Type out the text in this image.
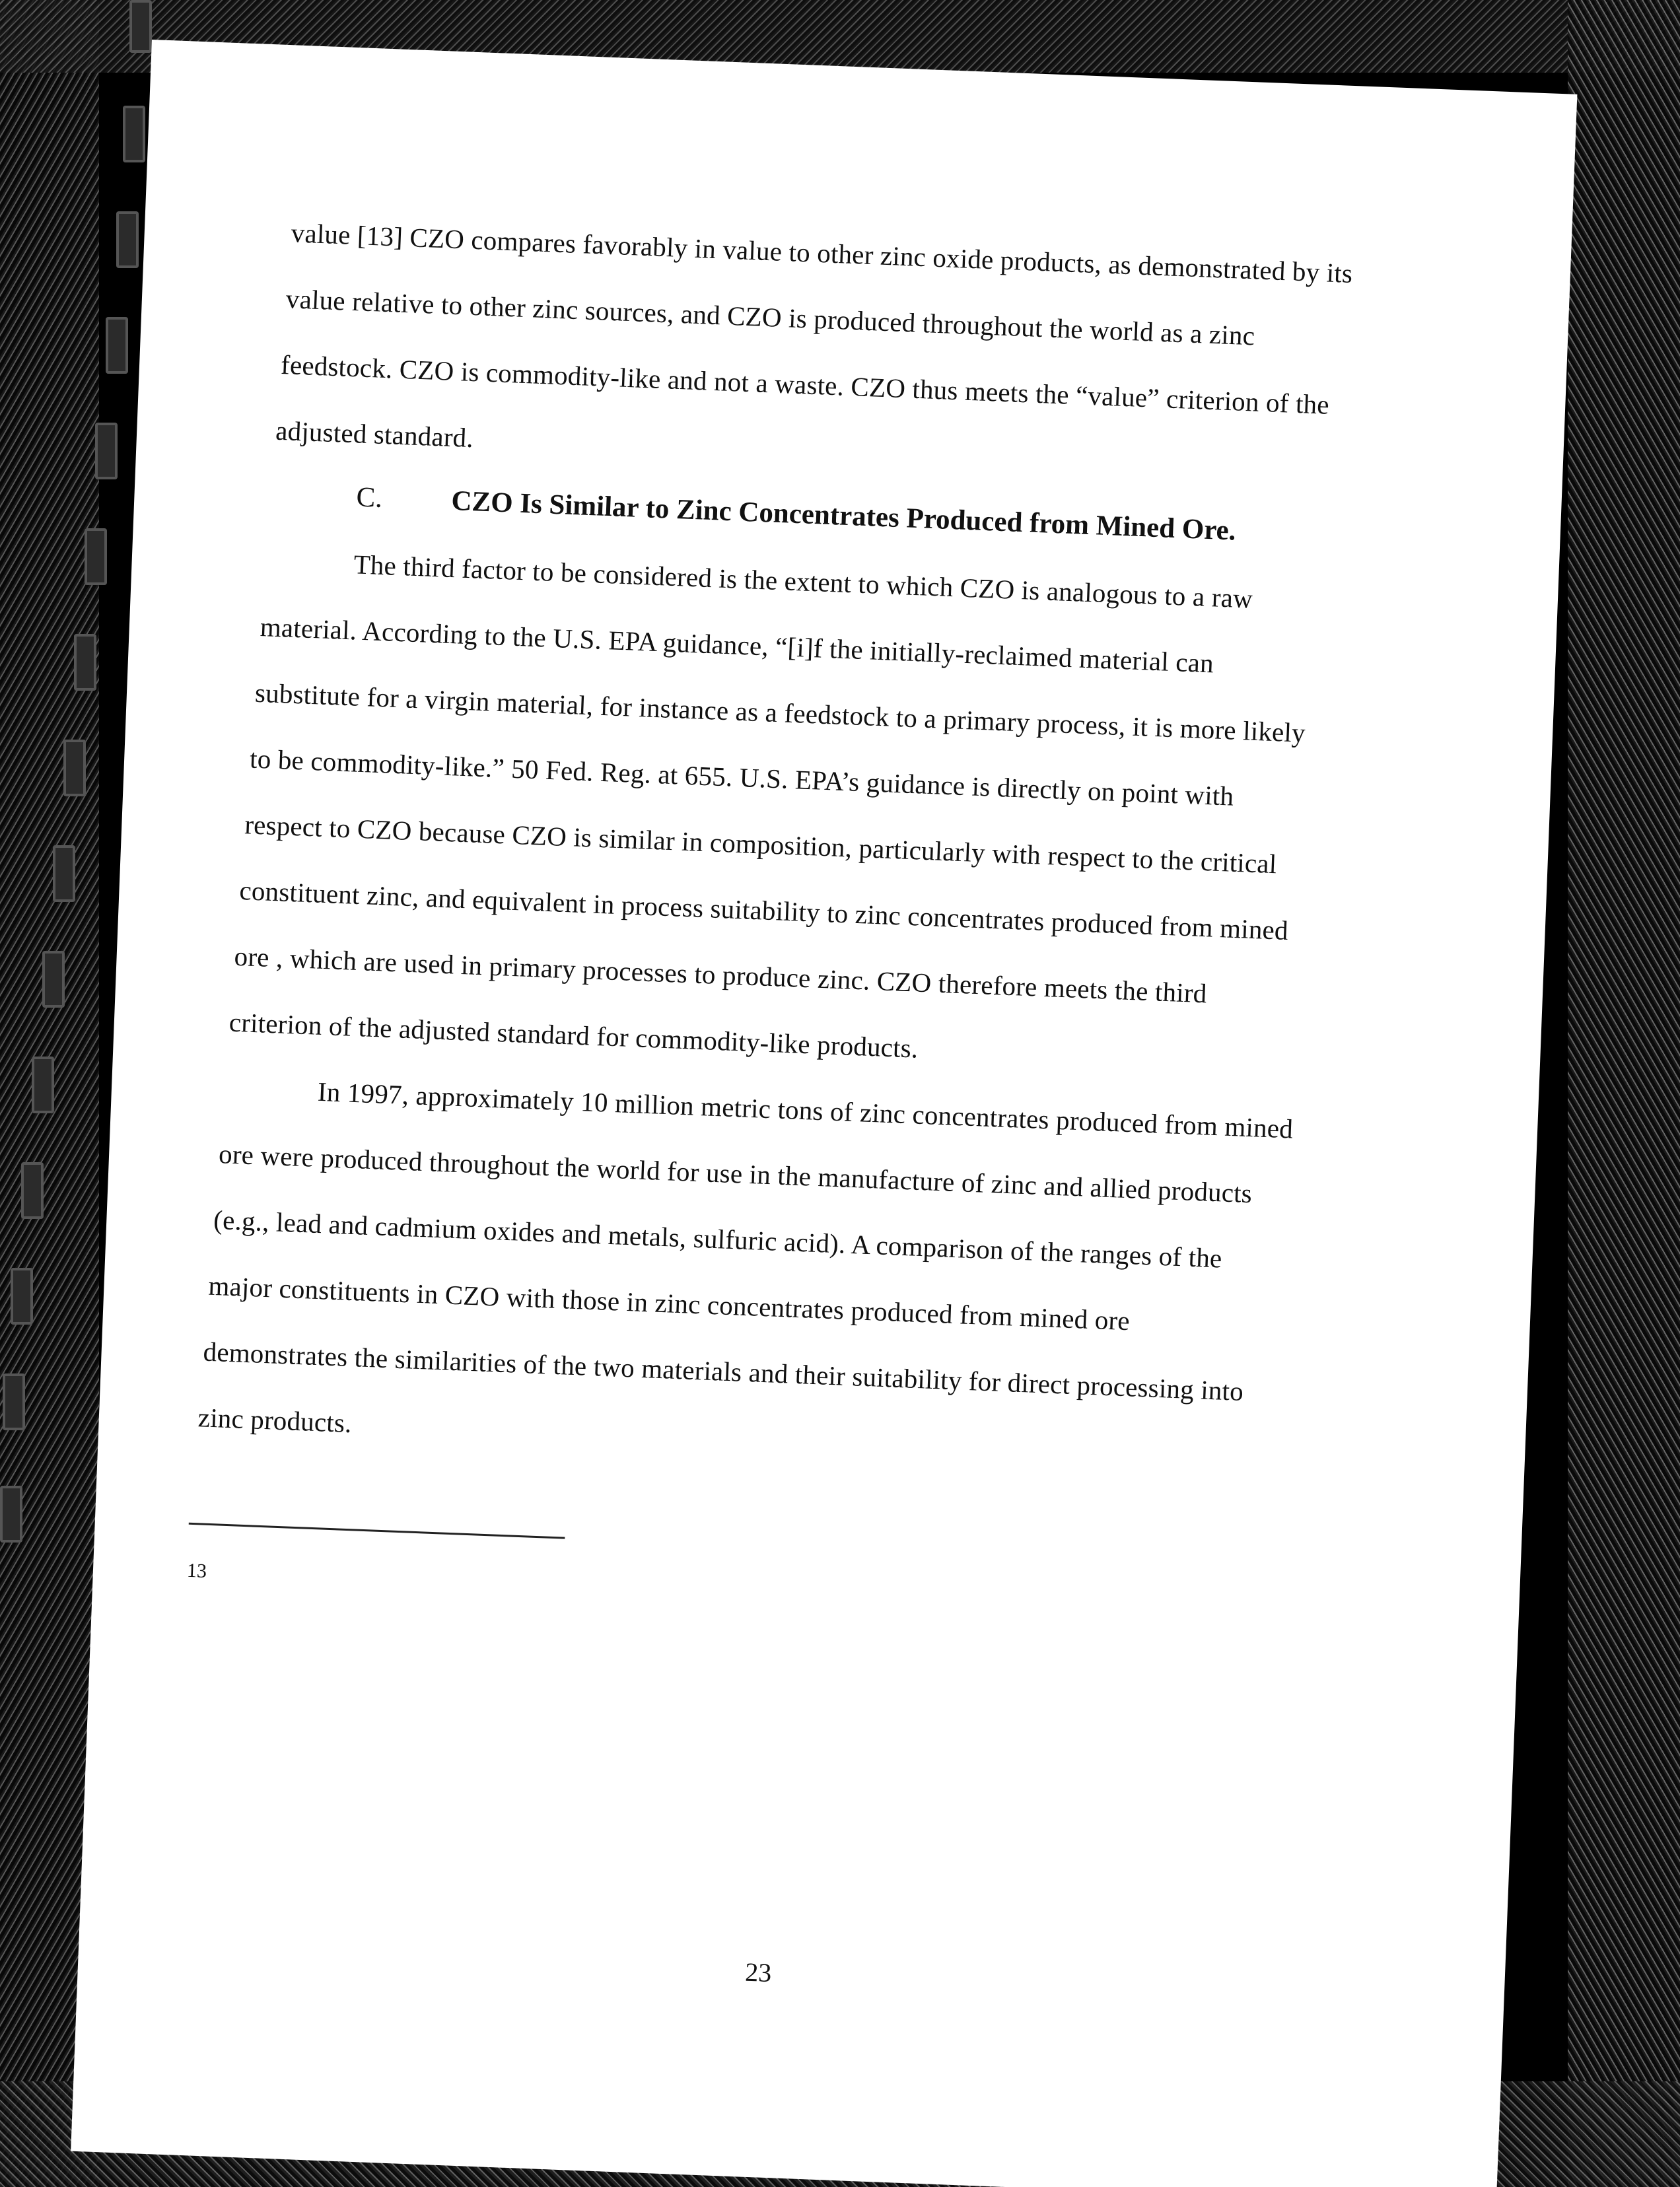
value [13] CZO compares favorably in value to other zinc oxide products, as demonstrated by its
value relative to other zinc sources, and CZO is produced throughout the world as a zinc
feedstock. CZO is commodity-like and not a waste. CZO thus meets the “value” criterion of the
adjusted standard.
C. CZO Is Similar to Zinc Concentrates Produced from Mined Ore.
The third factor to be considered is the extent to which CZO is analogous to a raw
material. According to the U.S. EPA guidance, “[i]f the initially-reclaimed material can
substitute for a virgin material, for instance as a feedstock to a primary process, it is more likely
to be commodity-like.” 50 Fed. Reg. at 655. U.S. EPA’s guidance is directly on point with
respect to CZO because CZO is similar in composition, particularly with respect to the critical
constituent zinc, and equivalent in process suitability to zinc concentrates produced from mined
ore , which are used in primary processes to produce zinc. CZO therefore meets the third
criterion of the adjusted standard for commodity-like products.
In 1997, approximately 10 million metric tons of zinc concentrates produced from mined
ore were produced throughout the world for use in the manufacture of zinc and allied products
(e.g., lead and cadmium oxides and metals, sulfuric acid). A comparison of the ranges of the
major constituents in CZO with those in zinc concentrates produced from mined ore
demonstrates the similarities of the two materials and their suitability for direct processing into
zinc products.
13
23
